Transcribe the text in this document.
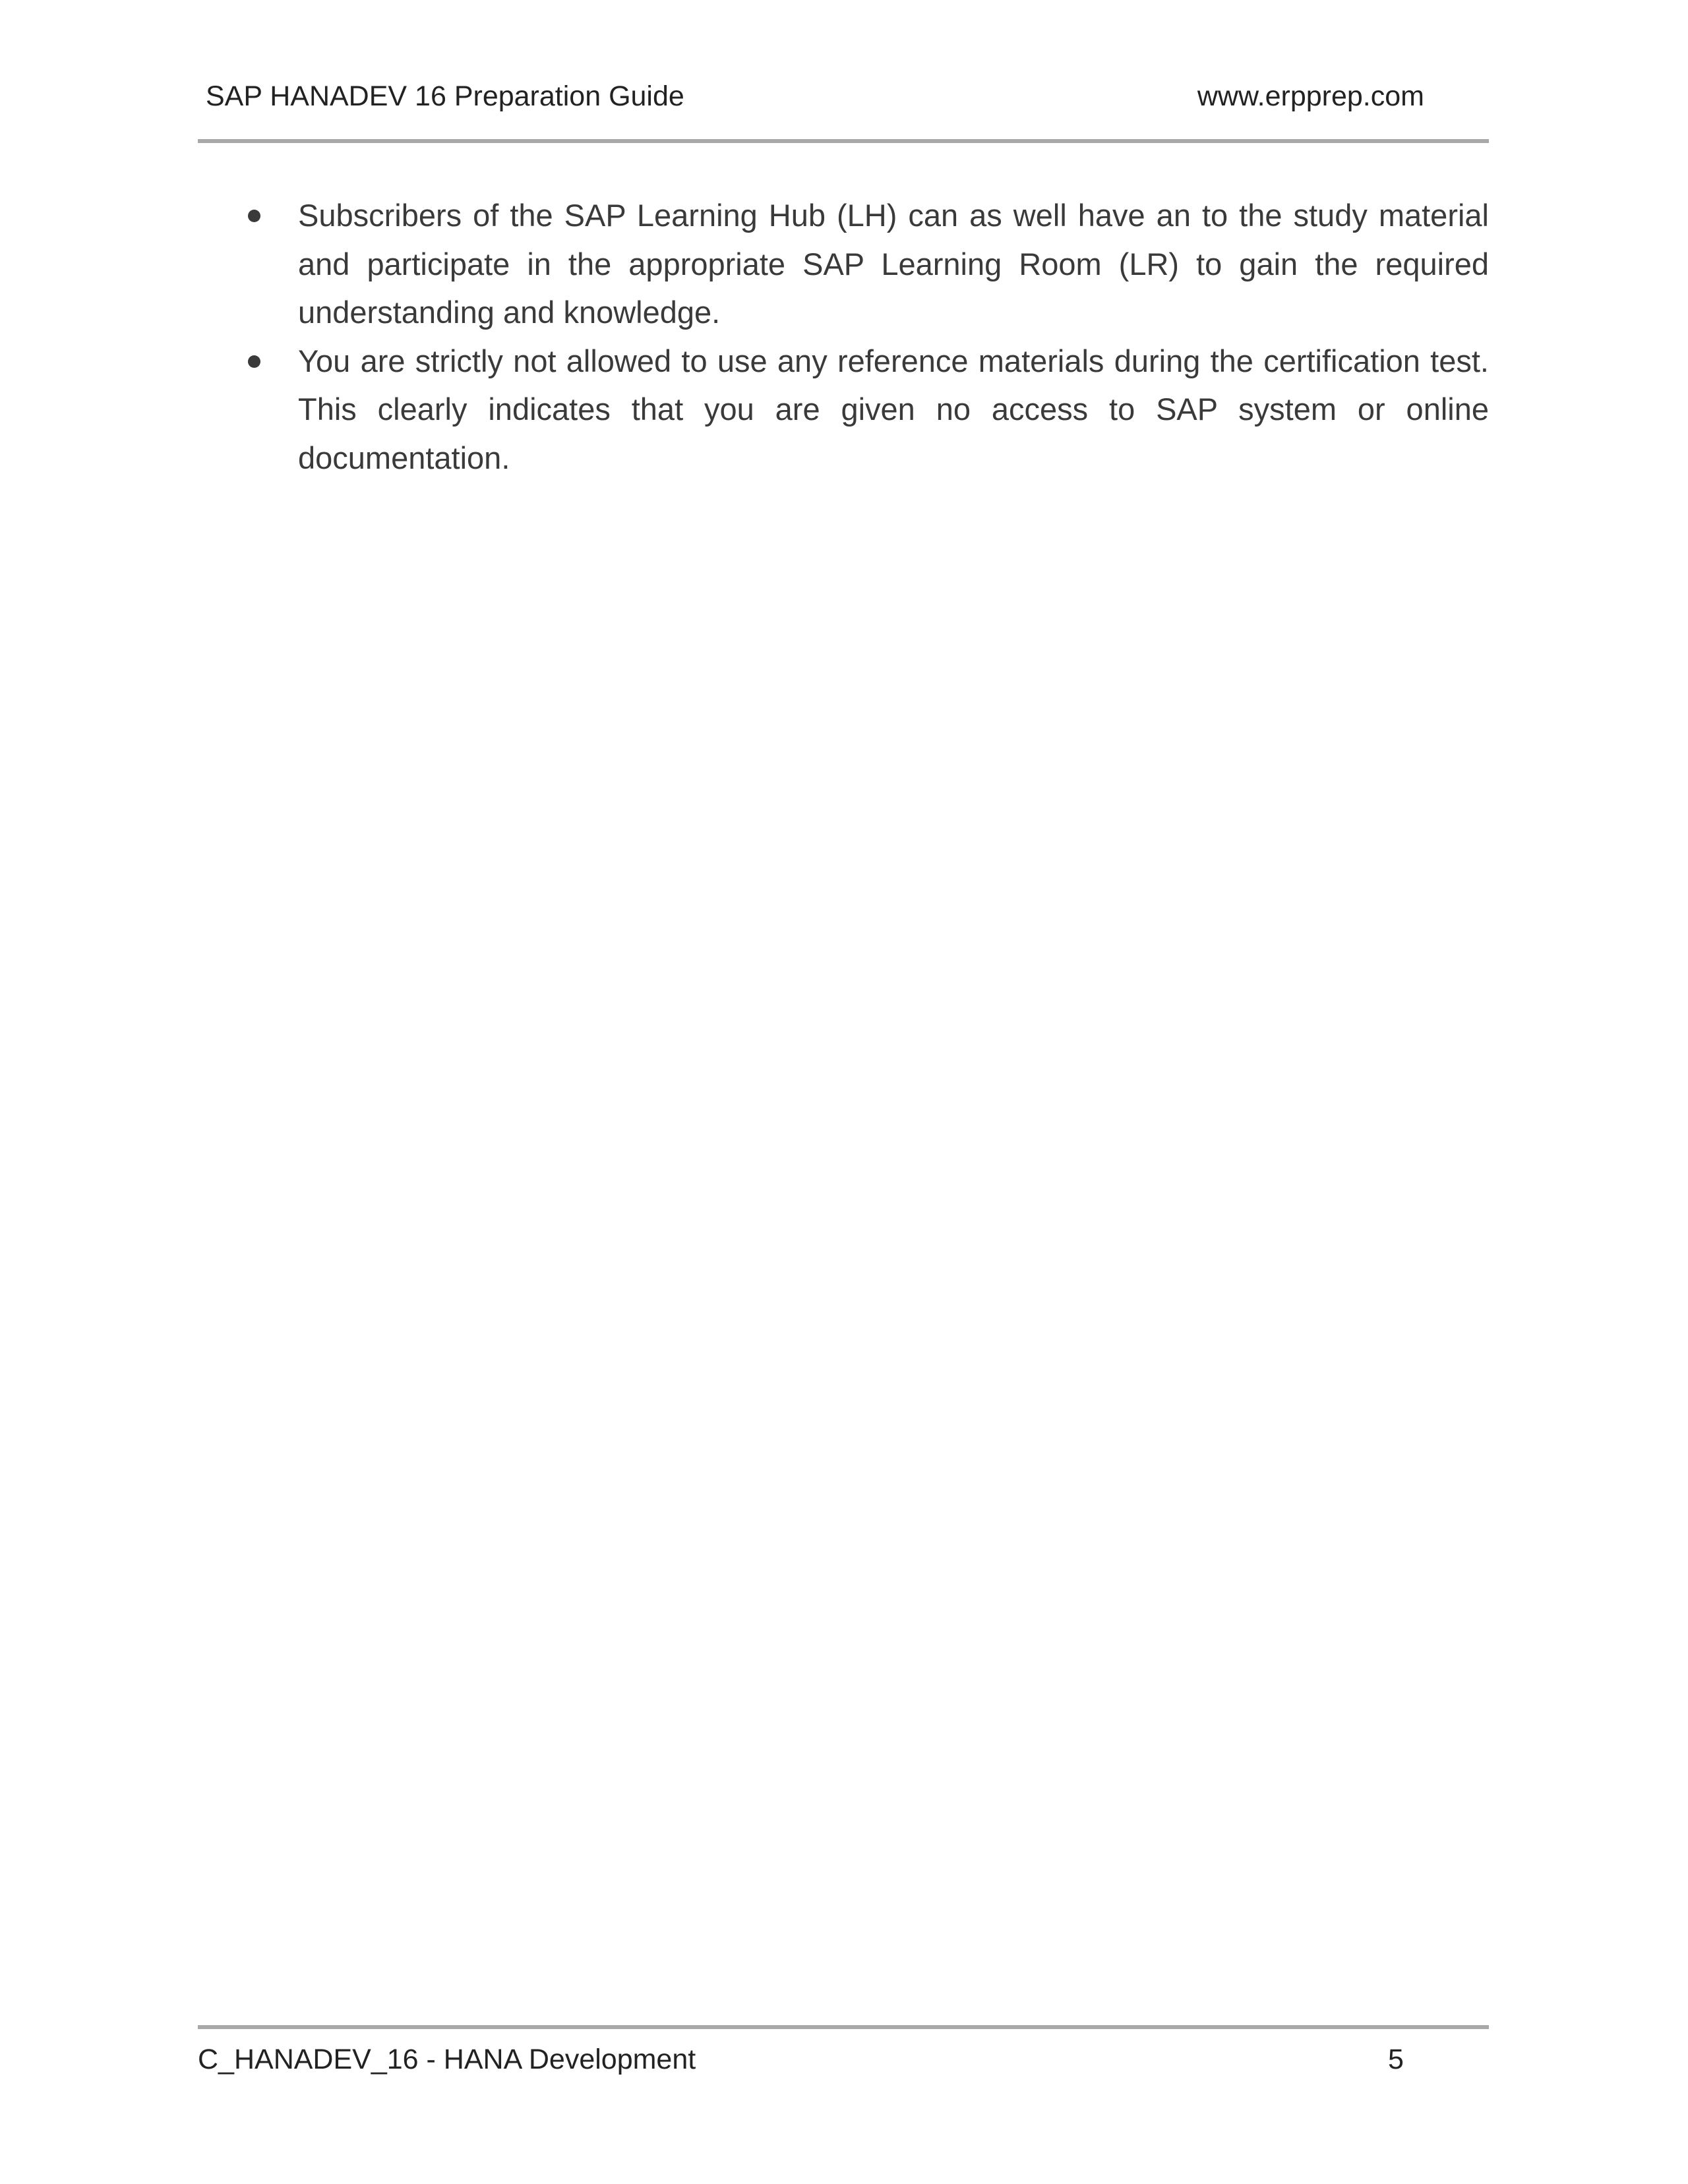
SAP HANADEV 16 Preparation Guide	www.erpprep.com
Subscribers of the SAP Learning Hub (LH) can as well have an to the study material and participate in the appropriate SAP Learning Room (LR) to gain the required understanding and knowledge.
You are strictly not allowed to use any reference materials during the certification test. This clearly indicates that you are given no access to SAP system or online documentation.
C_HANADEV_16 - HANA Development	5
